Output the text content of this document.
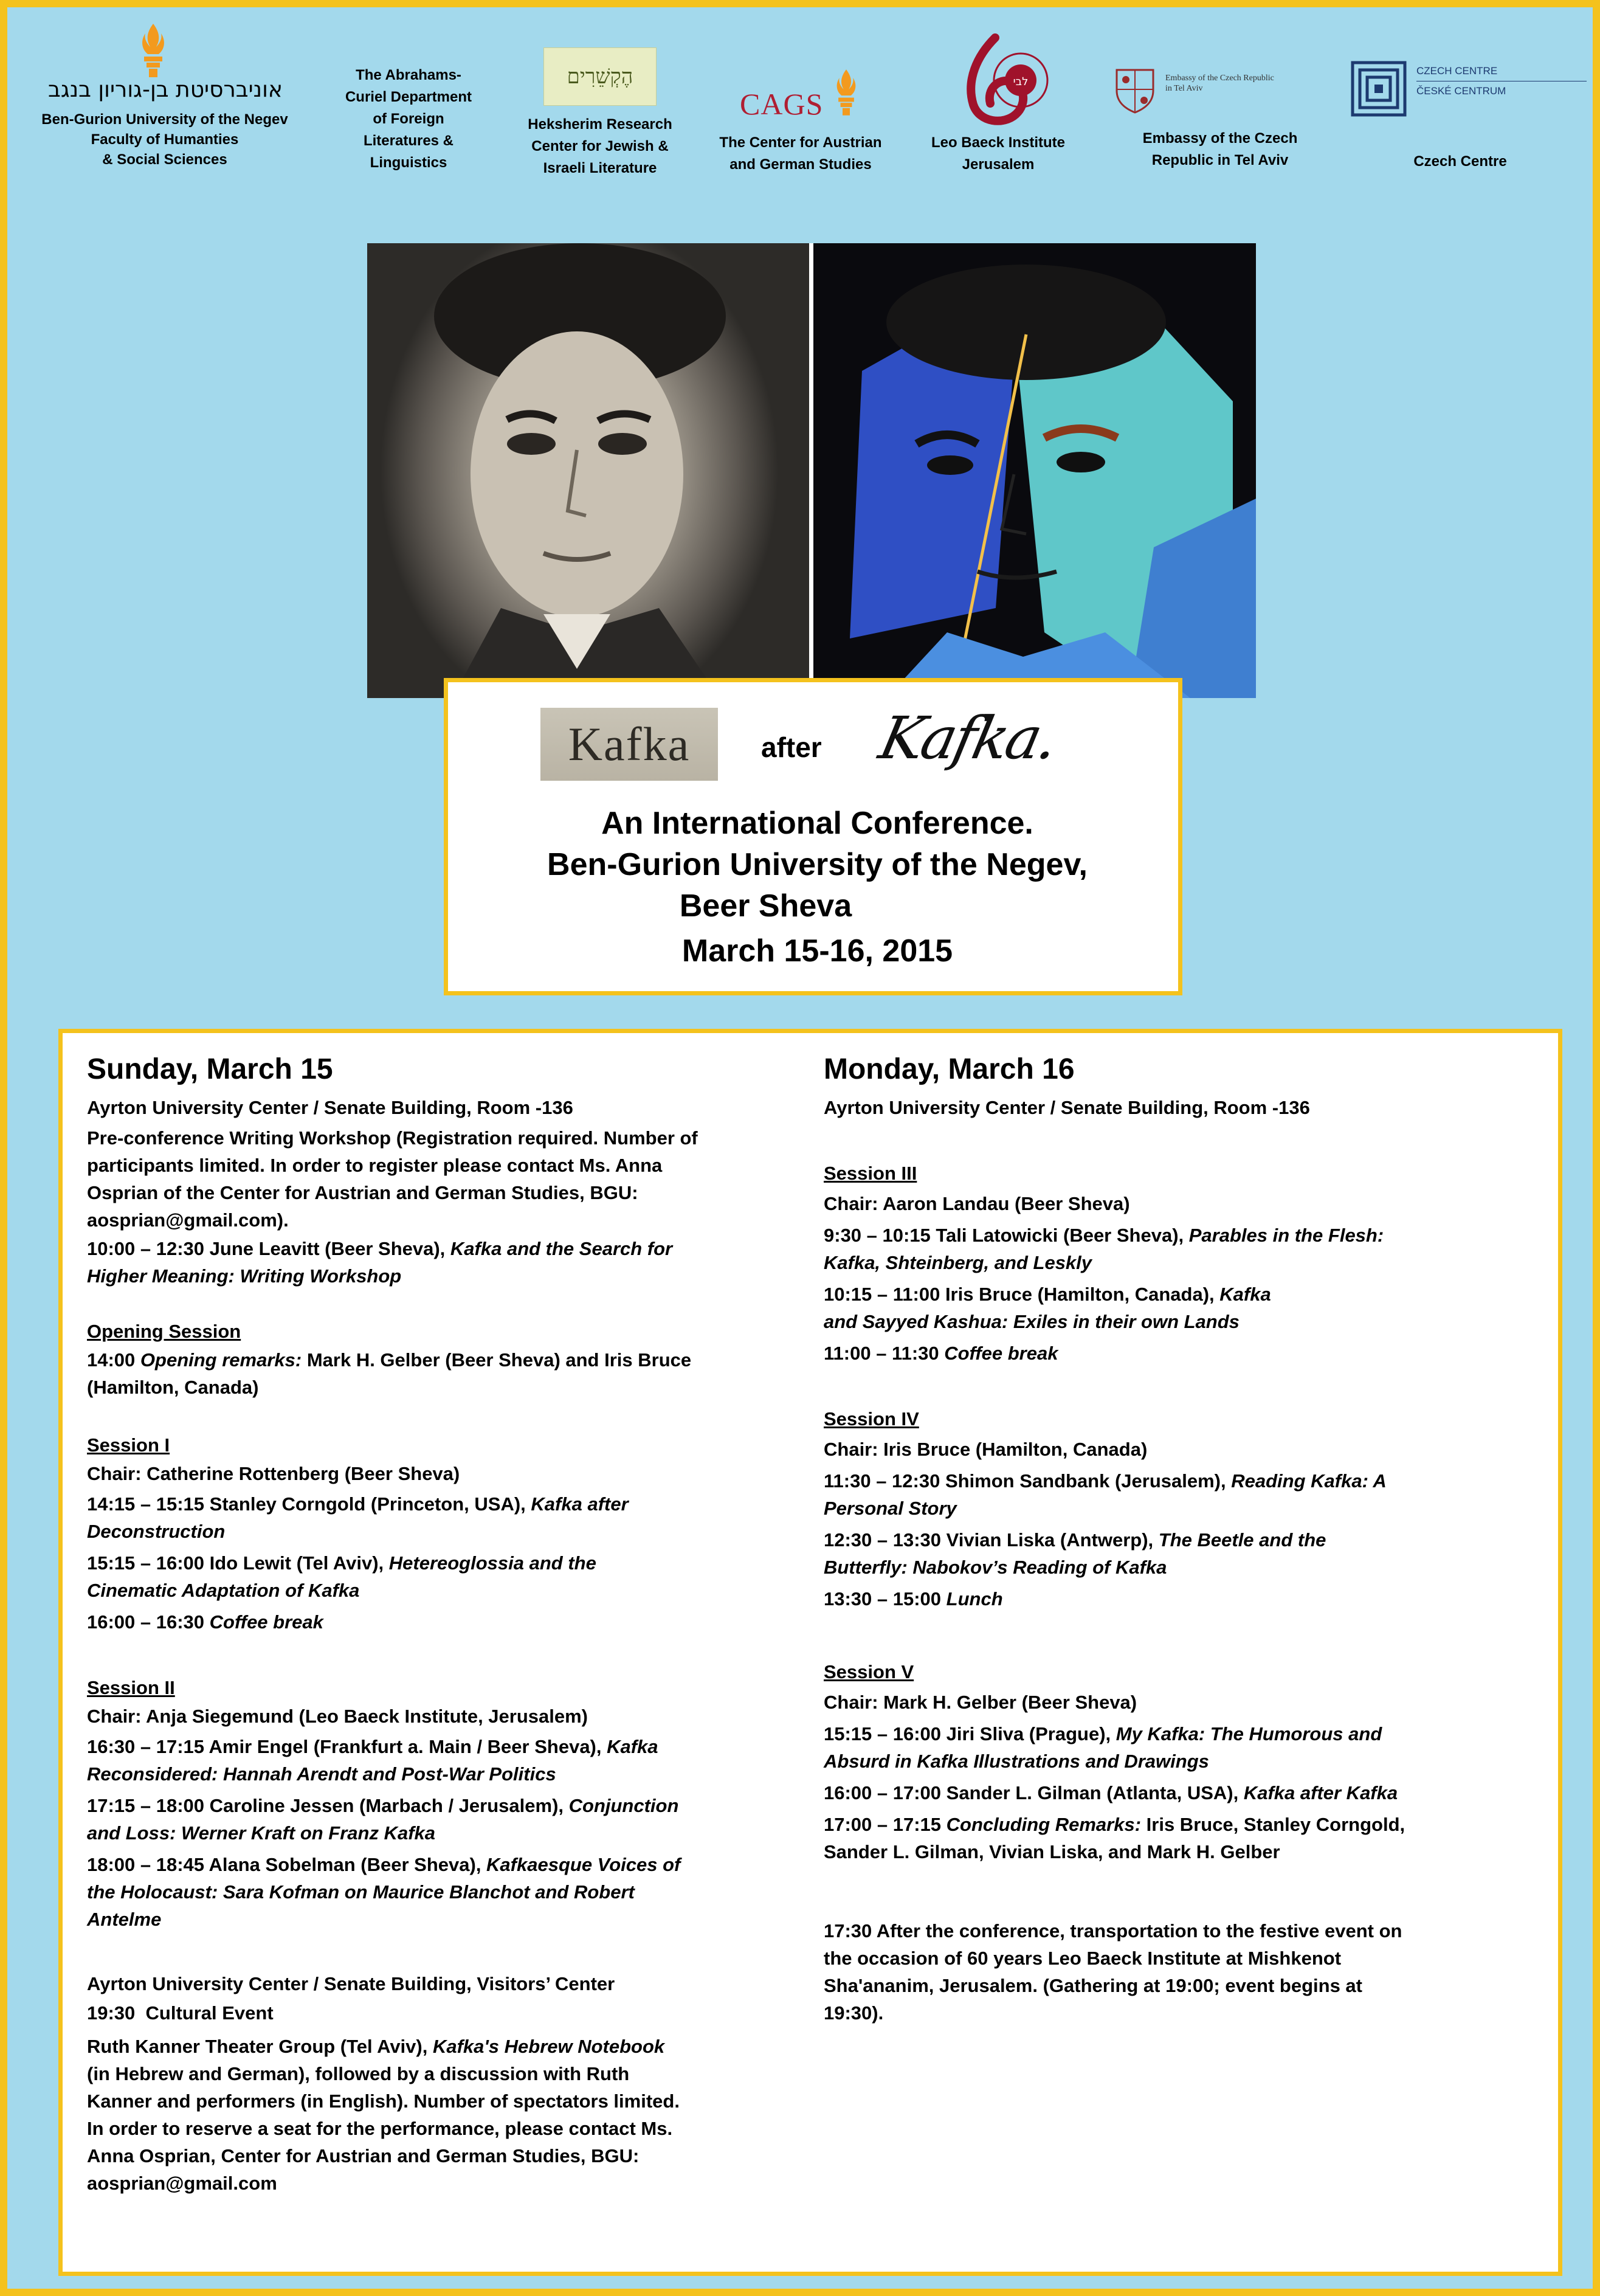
אוניברסיטת בן-גוריון בנגב
Ben-Gurion University of the Negev
Faculty of Humanties
& Social Sciences
The Abrahams-
Curiel Department
of Foreign
Literatures &
Linguistics
הֶקְשֵׁרִים
Heksherim Research
Center for Jewish &
Israeli Literature
CAGS
The Center for Austrian
and German Studies
לבי
Leo Baeck Institute
Jerusalem
Embassy of the Czech Republic
in Tel Aviv
Embassy of the Czech
Republic in Tel Aviv
CZECH CENTRE
ČESKÉ CENTRUM
Czech Centre
Kafka	after Kafka.
An International Conference.
Ben-Gurion University of the Negev,
Beer Sheva
March 15-16, 2015
Sunday, March 15
Ayrton University Center / Senate Building, Room -136
Pre-conference Writing Workshop (Registration required. Number of
participants limited. In order to register please contact Ms. Anna
Osprian of the Center for Austrian and German Studies, BGU:
aosprian@gmail.com).
10:00 – 12:30 June Leavitt (Beer Sheva), Kafka and the Search for
Higher Meaning: Writing Workshop
Opening Session
14:00 Opening remarks: Mark H. Gelber (Beer Sheva) and Iris Bruce
(Hamilton, Canada)
Session I
Chair: Catherine Rottenberg (Beer Sheva)
14:15 – 15:15 Stanley Corngold (Princeton, USA), Kafka after
Deconstruction
15:15 – 16:00 Ido Lewit (Tel Aviv), Hetereoglossia and the
Cinematic Adaptation of Kafka
16:00 – 16:30 Coffee break
Session II
Chair: Anja Siegemund (Leo Baeck Institute, Jerusalem)
16:30 – 17:15 Amir Engel (Frankfurt a. Main / Beer Sheva), Kafka
Reconsidered: Hannah Arendt and Post-War Politics
17:15 – 18:00 Caroline Jessen (Marbach / Jerusalem), Conjunction
and Loss: Werner Kraft on Franz Kafka
18:00 – 18:45 Alana Sobelman (Beer Sheva), Kafkaesque Voices of
the Holocaust: Sara Kofman on Maurice Blanchot and Robert
Antelme
Ayrton University Center / Senate Building, Visitors’ Center
19:30  Cultural Event
Ruth Kanner Theater Group (Tel Aviv), Kafka's Hebrew Notebook
(in Hebrew and German), followed by a discussion with Ruth
Kanner and performers (in English). Number of spectators limited.
In order to reserve a seat for the performance, please contact Ms.
Anna Osprian, Center for Austrian and German Studies, BGU:
aosprian@gmail.com
Monday, March 16
Ayrton University Center / Senate Building, Room -136
Session III
Chair: Aaron Landau (Beer Sheva)
9:30 – 10:15 Tali Latowicki (Beer Sheva), Parables in the Flesh:
Kafka, Shteinberg, and Leskly
10:15 – 11:00 Iris Bruce (Hamilton, Canada), Kafka
and Sayyed Kashua: Exiles in their own Lands
11:00 – 11:30 Coffee break
Session IV
Chair: Iris Bruce (Hamilton, Canada)
11:30 – 12:30 Shimon Sandbank (Jerusalem), Reading Kafka: A
Personal Story
12:30 – 13:30 Vivian Liska (Antwerp), The Beetle and the
Butterfly: Nabokov’s Reading of Kafka
13:30 – 15:00 Lunch
Session V
Chair: Mark H. Gelber (Beer Sheva)
15:15 – 16:00 Jiri Sliva (Prague), My Kafka: The Humorous and
Absurd in Kafka Illustrations and Drawings
16:00 – 17:00 Sander L. Gilman (Atlanta, USA), Kafka after Kafka
17:00 – 17:15 Concluding Remarks: Iris Bruce, Stanley Corngold,
Sander L. Gilman, Vivian Liska, and Mark H. Gelber
17:30 After the conference, transportation to the festive event on
the occasion of 60 years Leo Baeck Institute at Mishkenot
Sha'ananim, Jerusalem. (Gathering at 19:00; event begins at
19:30).
